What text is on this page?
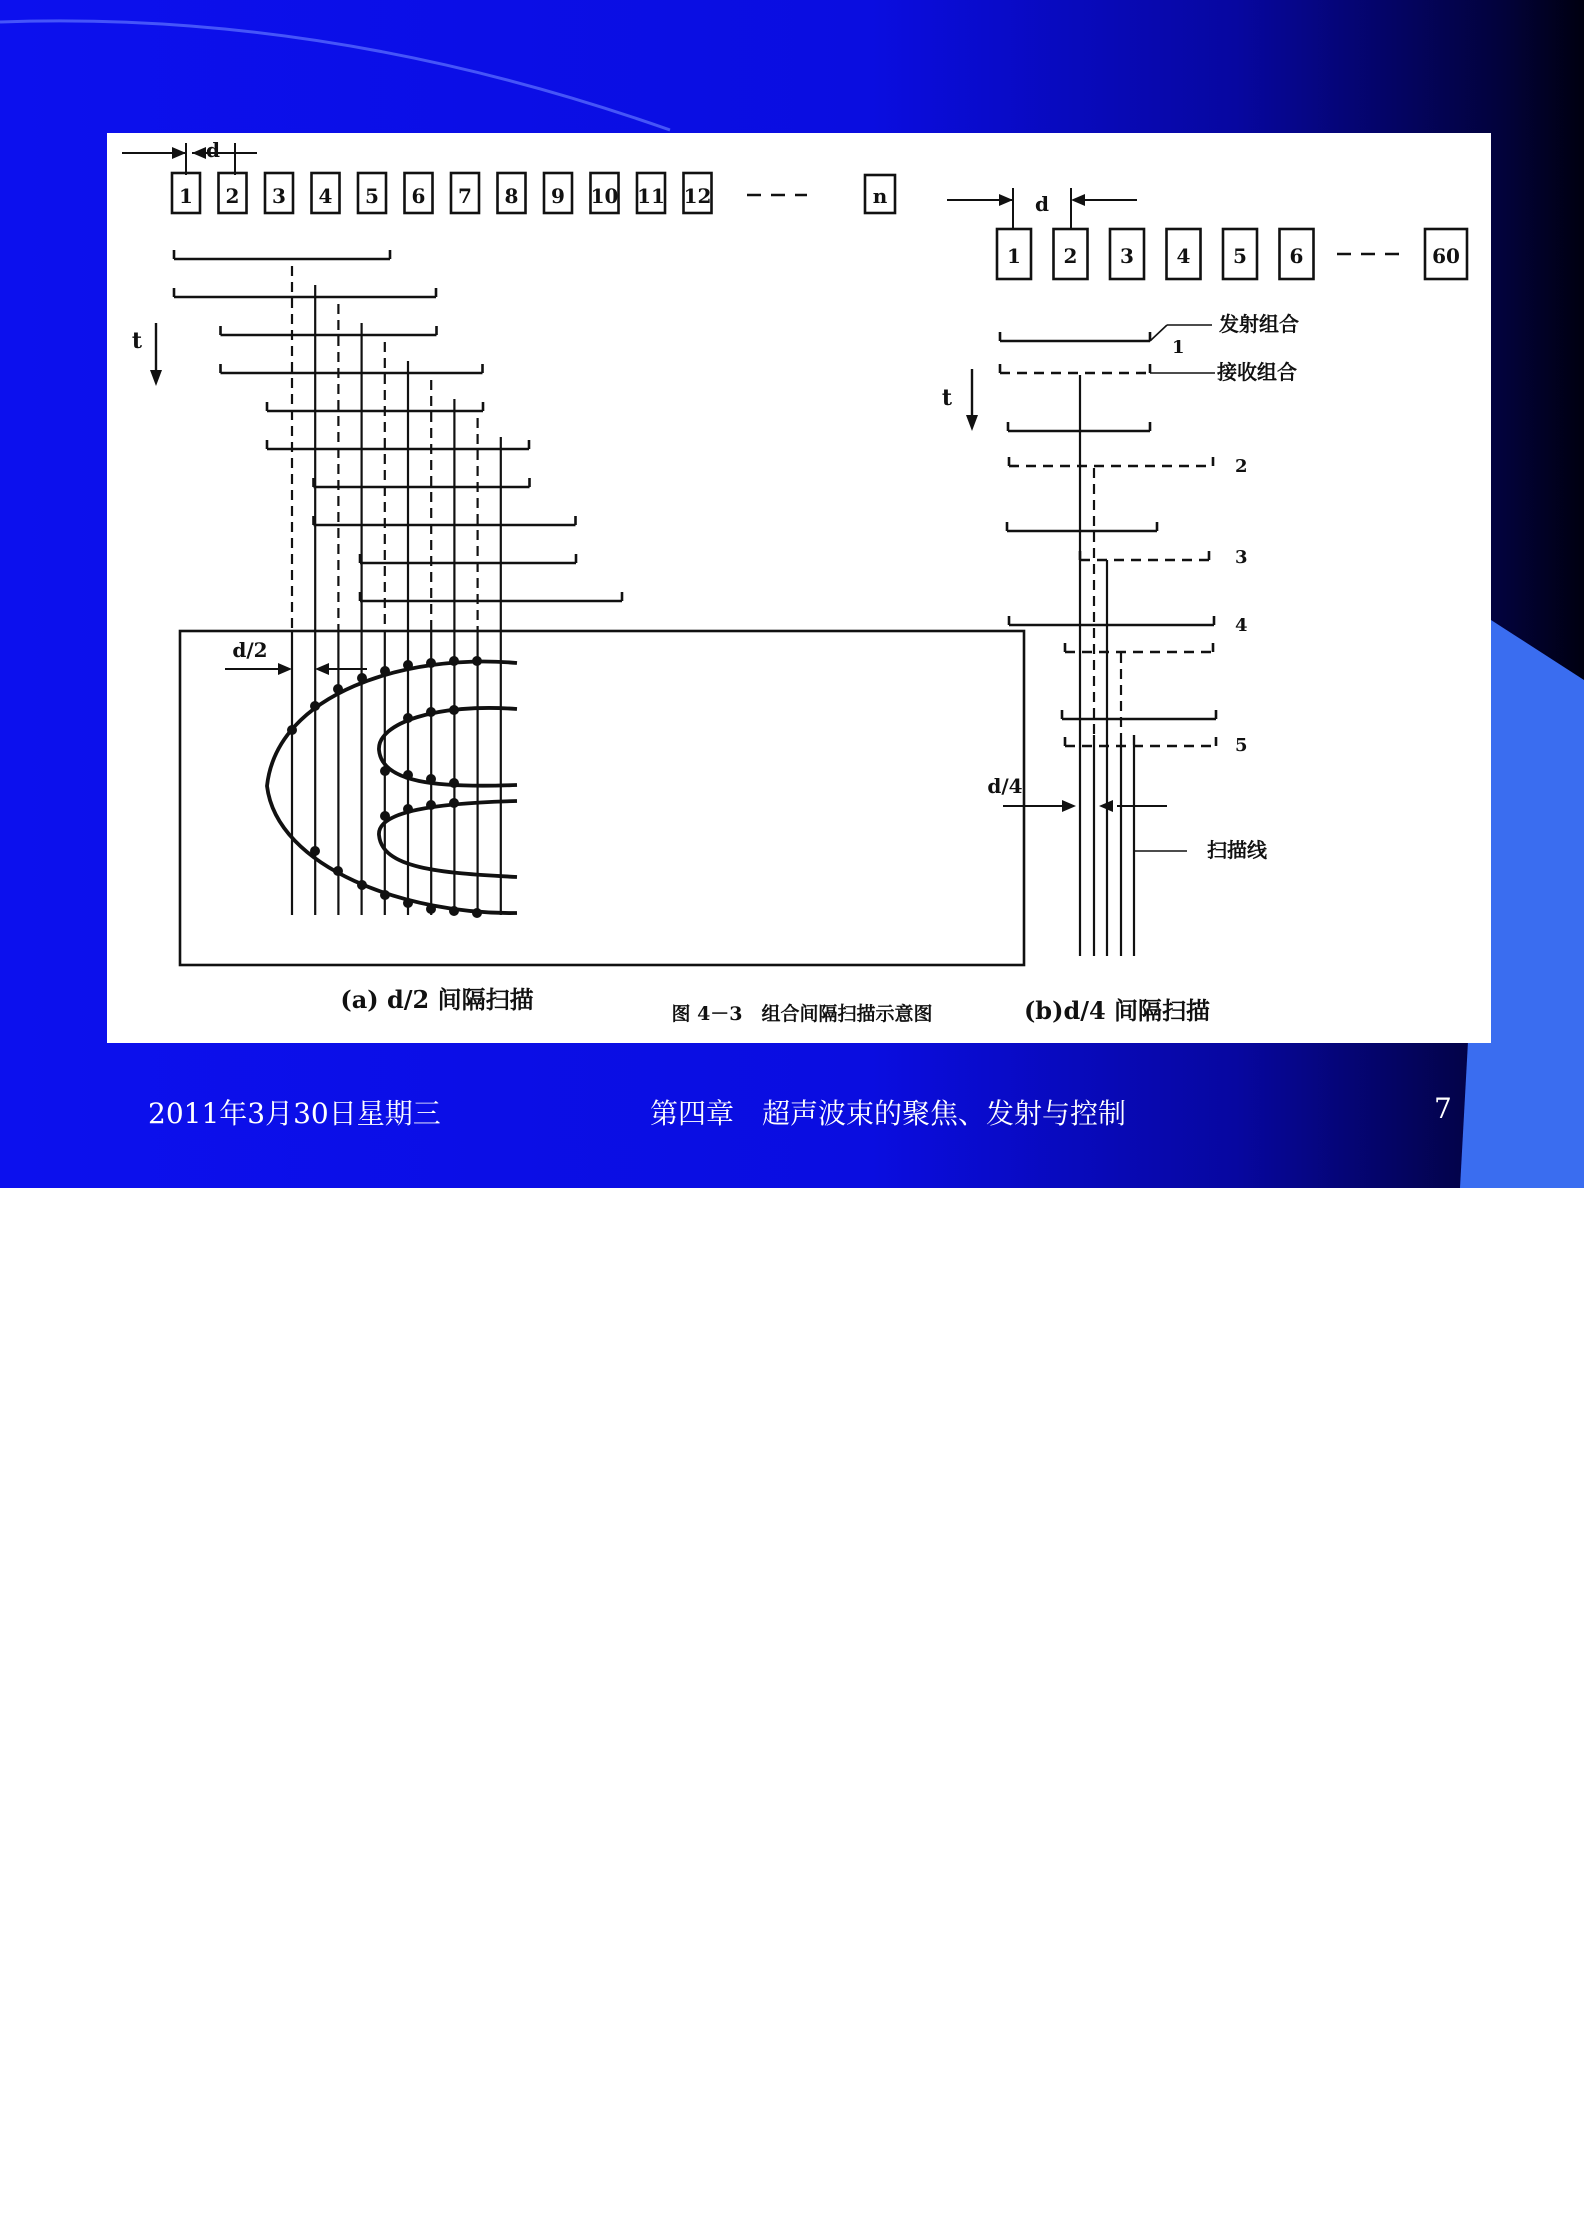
1 2 3 4 5 6 7 8 9 10 11 12	n
d
t
d/2
1 2 3 4 5 6	60
d
t
发射组合
接收组合
1
2
3
4
5
扫描线
d/4
(a) d/2 间隔扫描	图 4－3　组合间隔扫描示意图	(b)d/4 间隔扫描
2011年3月30日星期三	第四章　超声波束的聚焦、发射与控制	7
